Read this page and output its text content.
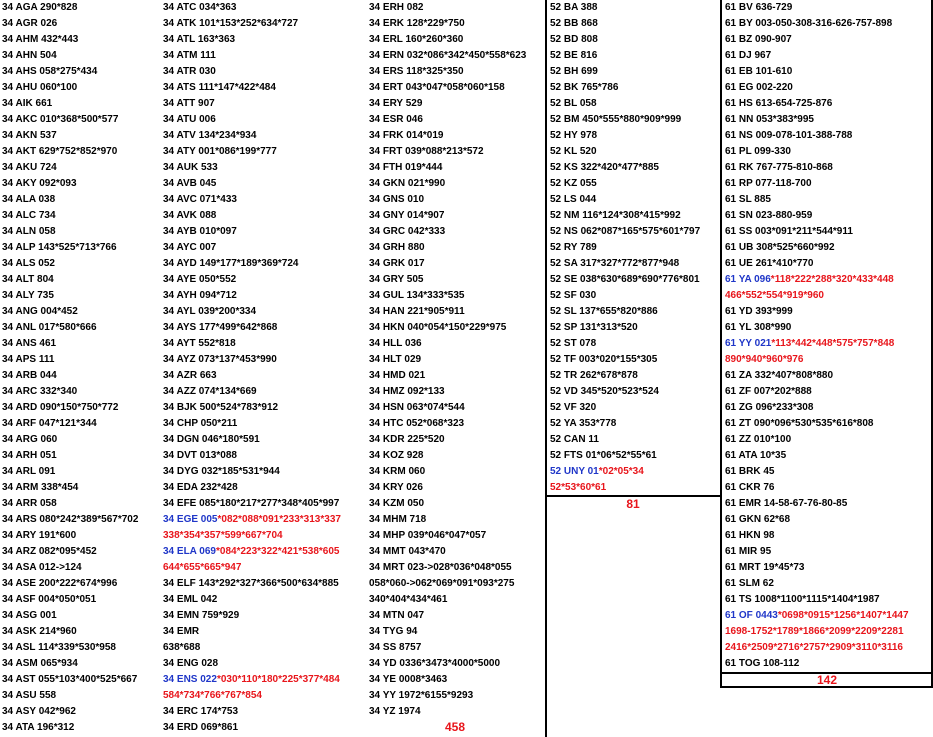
34 AGA 290*828
34 AGR 026
34 AHM 432*443
34 AHN 504
34 AHS 058*275*434
34 AHU 060*100
34 AIK 661
34 AKC 010*368*500*577
34 AKN 537
34 AKT 629*752*852*970
34 AKU 724
34 AKY 092*093
34 ALA 038
34 ALC 734
34 ALN 058
34 ALP 143*525*713*766
34 ALS 052
34 ALT 804
34 ALY 735
34 ANG 004*452
34 ANL 017*580*666
34 ANS 461
34 APS 111
34 ARB 044
34 ARC 332*340
34 ARD 090*150*750*772
34 ARF 047*121*344
34 ARG 060
34 ARH 051
34 ARL 091
34 ARM 338*454
34 ARR 058
34 ARS 080*242*389*567*702
34 ARY 191*600
34 ARZ 082*095*452
34 ASA 012->124
34 ASE 200*222*674*996
34 ASF 004*050*051
34 ASG 001
34 ASK 214*960
34 ASL 114*339*530*958
34 ASM 065*934
34 AST 055*103*400*525*667
34 ASU 558
34 ASY 042*962
34 ATA 196*312
34 ATC 034*363
34 ATK 101*153*252*634*727
34 ATL 163*363
34 ATM 111
34 ATR 030
34 ATS 111*147*422*484
34 ATT 907
34 ATU 006
34 ATV 134*234*934
34 ATY 001*086*199*777
34 AUK 533
34 AVB 045
34 AVC 071*433
34 AVK 088
34 AYB 010*097
34 AYC 007
34 AYD 149*177*189*369*724
34 AYE 050*552
34 AYH 094*712
34 AYL 039*200*334
34 AYS 177*499*642*868
34 AYT 552*818
34 AYZ 073*137*453*990
34 AZR 663
34 AZZ 074*134*669
34 BJK 500*524*783*912
34 CHP 050*211
34 DGN 046*180*591
34 DVT 013*088
34 DYG 032*185*531*944
34 EDA 232*428
34 EFE 085*180*217*277*348*405*997
34 EGE 005*082*088*091*233*313*337
338*354*357*599*667*704
34 ELA 069*084*223*322*421*538*605
644*655*665*947
34 ELF 143*292*327*366*500*634*885
34 EML 042
34 EMN 759*929
34 EMR
638*688
34 ENG 028
34 ENS 022*030*110*180*225*377*484
584*734*766*767*854
34 ERC 174*753
34 ERD 069*861
34 ERH 082
34 ERK 128*229*750
34 ERL 160*260*360
34 ERN 032*086*342*450*558*623
34 ERS 118*325*350
34 ERT 043*047*058*060*158
34 ERY 529
34 ESR 046
34 FRK 014*019
34 FRT 039*088*213*572
34 FTH 019*444
34 GKN 021*990
34 GNS 010
34 GNY 014*907
34 GRC 042*333
34 GRH 880
34 GRK 017
34 GRY 505
34 GUL 134*333*535
34 HAN 221*905*911
34 HKN 040*054*150*229*975
34 HLL 036
34 HLT 029
34 HMD 021
34 HMZ 092*133
34 HSN 063*074*544
34 HTC 052*068*323
34 KDR 225*520
34 KOZ 928
34 KRM 060
34 KRY 026
34 KZM 050
34 MHM 718
34 MHP 039*046*047*057
34 MMT 043*470
34 MRT 023->028*036*048*055
058*060->062*069*091*093*275
340*404*434*461
34 MTN 047
34 TYG 94
34 SS 8757
34 YD 0336*3473*4000*5000
34 YE 0008*3463
34 YY 1972*6155*9293
34 YZ 1974
52 BA 388
52 BB 868
52 BD 808
52 BE 816
52 BH 699
52 BK 765*786
52 BL 058
52 BM 450*555*880*909*999
52 HY 978
52 KL 520
52 KS 322*420*477*885
52 KZ 055
52 LS 044
52 NM 116*124*308*415*992
52 NS 062*087*165*575*601*797
52 RY 789
52 SA 317*327*772*877*948
52 SE 038*630*689*690*776*801
52 SF 030
52 SL 137*655*820*886
52 SP 131*313*520
52 ST 078
52 TF 003*020*155*305
52 TR 262*678*878
52 VD 345*520*523*524
52 VF 320
52 YA 353*778
52 CAN 11
52 FTS 01*06*52*55*61
52 UNY 01*02*05*34
52*53*60*61
61 BV 636-729
61 BY 003-050-308-316-626-757-898
61 BZ 090-907
61 DJ 967
61 EB 101-610
61 EG 002-220
61 HS 613-654-725-876
61 NN 053*383*995
61 NS 009-078-101-388-788
61 PL 099-330
61 RK 767-775-810-868
61 RP 077-118-700
61 SL 885
61 SN 023-880-959
61 SS 003*091*211*544*911
61 UB 308*525*660*992
61 UE 261*410*770
61 YA 096*118*222*288*320*433*448
466*552*554*919*960
61 YD 393*999
61 YL 308*990
61 YY 021*113*442*448*575*757*848
890*940*960*976
61 ZA 332*407*808*880
61 ZF 007*202*888
61 ZG 096*233*308
61 ZT 090*096*530*535*616*808
61 ZZ 010*100
61 ATA 10*35
61 BRK 45
61 CKR 76
61 EMR 14-58-67-76-80-85
61 GKN 62*68
61 HKN 98
61 MIR 95
61 MRT 19*45*73
61 SLM 62
61 TS 1008*1100*1115*1404*1987
61 OF 0443*0698*0915*1256*1407*1447
1698-1752*1789*1866*2099*2209*2281
2416*2509*2716*2757*2909*3110*3116
61 TOG 108-112
458
81
142
